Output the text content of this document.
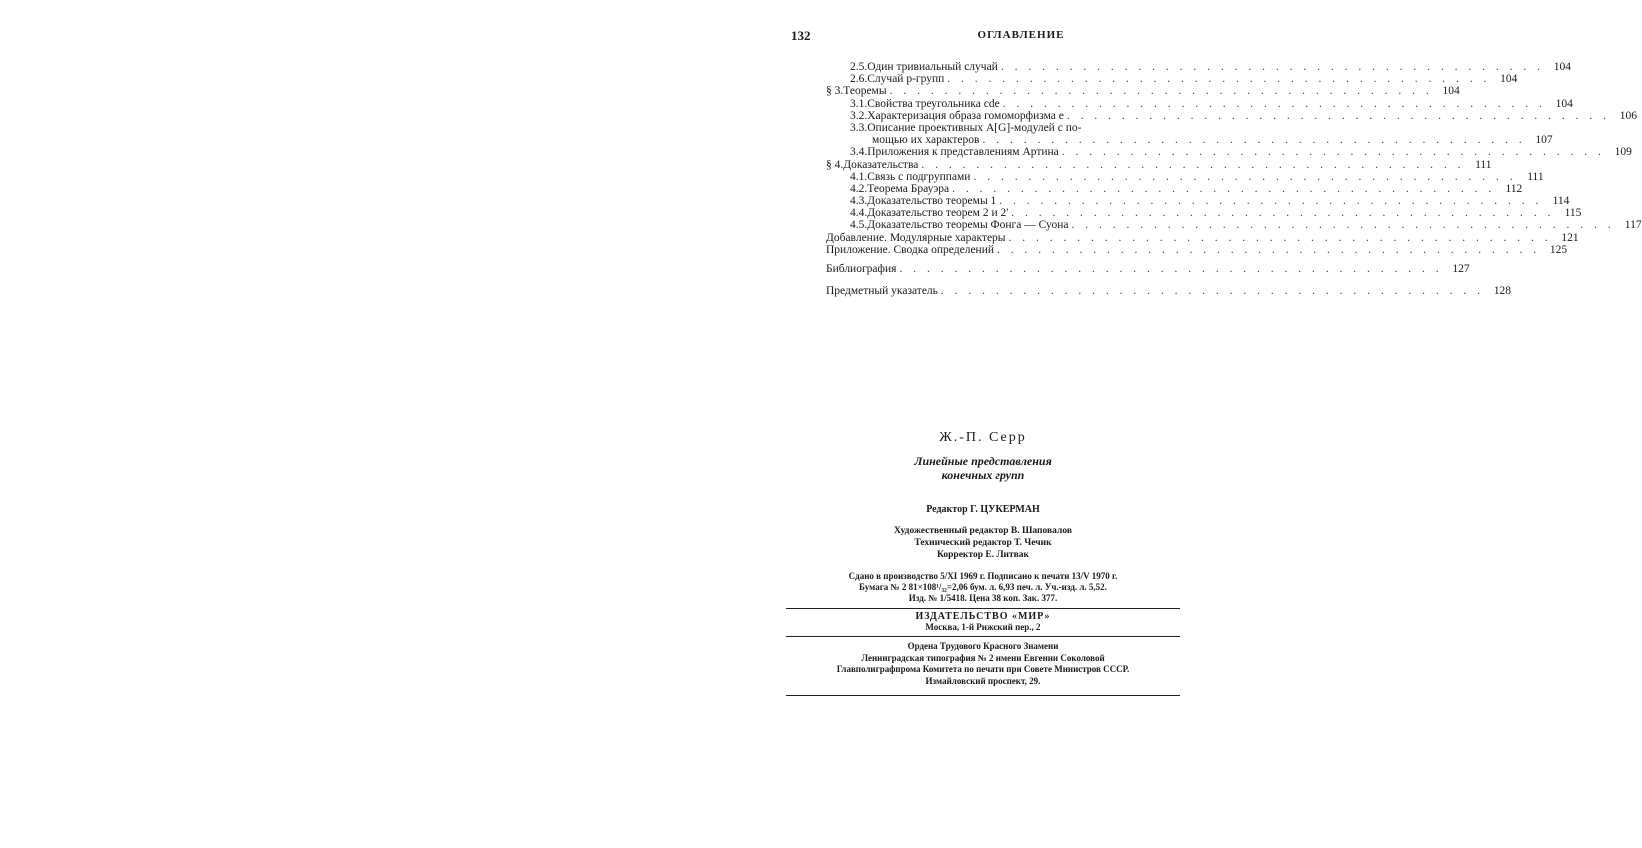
132	ОГЛАВЛЕНИЕ
2.5.Один тривиальный случай . . . . . . . . . . . . . . . . . . . . . . . . . . . . . . . . . . . . . . . . 104
2.6.Случай p-групп . . . . . . . . . . . . . . . . . . . . . . . . . . . . . . . . . . . . . . . . 104
§ 3.Теоремы . . . . . . . . . . . . . . . . . . . . . . . . . . . . . . . . . . . . . . . . 104
3.1.Свойства треугольника cde . . . . . . . . . . . . . . . . . . . . . . . . . . . . . . . . . . . . . . . . 104
3.2.Характеризация образа гомоморфизма e . . . . . . . . . . . . . . . . . . . . . . . . . . . . . . . . . . . . . . . . 106
3.3.Описание проективных A[G]-модулей с по-
мощью их характеров . . . . . . . . . . . . . . . . . . . . . . . . . . . . . . . . . . . . . . . . 107
3.4.Приложения к представлениям Артина . . . . . . . . . . . . . . . . . . . . . . . . . . . . . . . . . . . . . . . . 109
§ 4.Доказательства . . . . . . . . . . . . . . . . . . . . . . . . . . . . . . . . . . . . . . . . 111
4.1.Связь с подгруппами . . . . . . . . . . . . . . . . . . . . . . . . . . . . . . . . . . . . . . . . 111
4.2.Теорема Брауэра . . . . . . . . . . . . . . . . . . . . . . . . . . . . . . . . . . . . . . . . 112
4.3.Доказательство теоремы 1 . . . . . . . . . . . . . . . . . . . . . . . . . . . . . . . . . . . . . . . . 114
4.4.Доказательство теорем 2 и 2' . . . . . . . . . . . . . . . . . . . . . . . . . . . . . . . . . . . . . . . . 115
4.5.Доказательство теоремы Фонга — Суона . . . . . . . . . . . . . . . . . . . . . . . . . . . . . . . . . . . . . . . . 117
Добавление. Модулярные характеры . . . . . . . . . . . . . . . . . . . . . . . . . . . . . . . . . . . . . . . . 121
Приложение. Сводка определений . . . . . . . . . . . . . . . . . . . . . . . . . . . . . . . . . . . . . . . . 125
Библиография . . . . . . . . . . . . . . . . . . . . . . . . . . . . . . . . . . . . . . . . 127
Предметный указатель . . . . . . . . . . . . . . . . . . . . . . . . . . . . . . . . . . . . . . . . 128
Ж.-П. Серр
Линейные представления
конечных групп
Редактор Г. ЦУКЕРМАН
Художественный редактор В. Шаповалов
Технический редактор Т. Чечик
Корректор Е. Литвак
Сдано в производство 5/XI 1969 г. Подписано к печати 13/V 1970 г.
Бумага № 2 81×108¹/₃₂=2,06 бум. л. 6,93 печ. л. Уч.-изд. л. 5,52.
Изд. № 1/5418. Цена 38 коп. Зак. 377.
ИЗДАТЕЛЬСТВО «МИР»
Москва, 1-й Рижский пер., 2
Ордена Трудового Красного Знамени
Ленинградская типография № 2 имени Евгении Соколовой
Главполиграфпрома Комитета по печати при Совете Министров СССР.
Измайловский проспект, 29.
